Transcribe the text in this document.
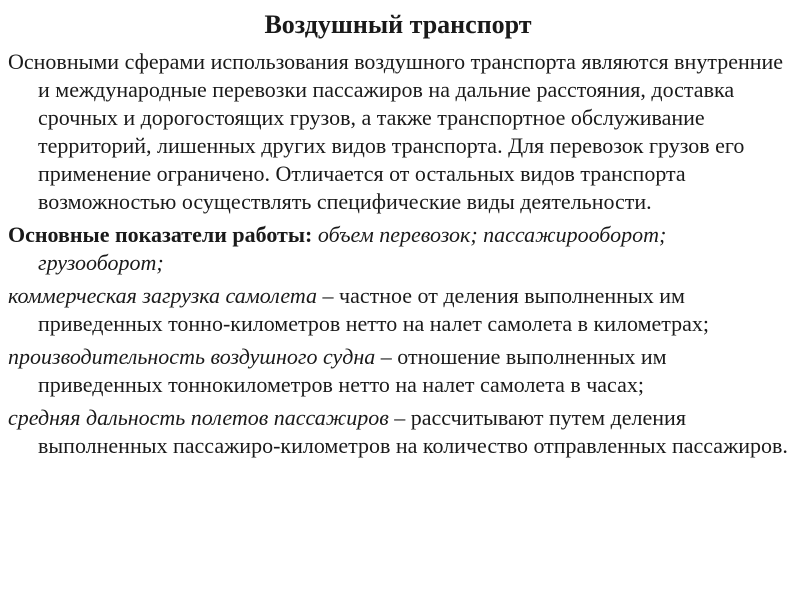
Воздушный транспорт

Основными сферами использования воздушного транспорта являются внутренние и международные перевозки пассажиров на дальние расстояния, доставка срочных и дорогостоящих грузов, а также транспортное обслуживание территорий, лишенных других видов транспорта. Для перевозок грузов его применение ограничено. Отличается от остальных видов транспорта возможностью осуществлять специфические виды деятельности.

Основные показатели работы: объем перевозок; пассажирооборот; грузооборот;

коммерческая загрузка самолета – частное от деления выполненных им приведенных тонно-километров нетто на налет самолета в километрах;

производительность воздушного судна – отношение выполненных им приведенных тоннокилометров нетто на налет самолета в часах;

средняя дальность полетов пассажиров – рассчитывают путем деления выполненных пассажиро-километров на количество отправленных пассажиров.
